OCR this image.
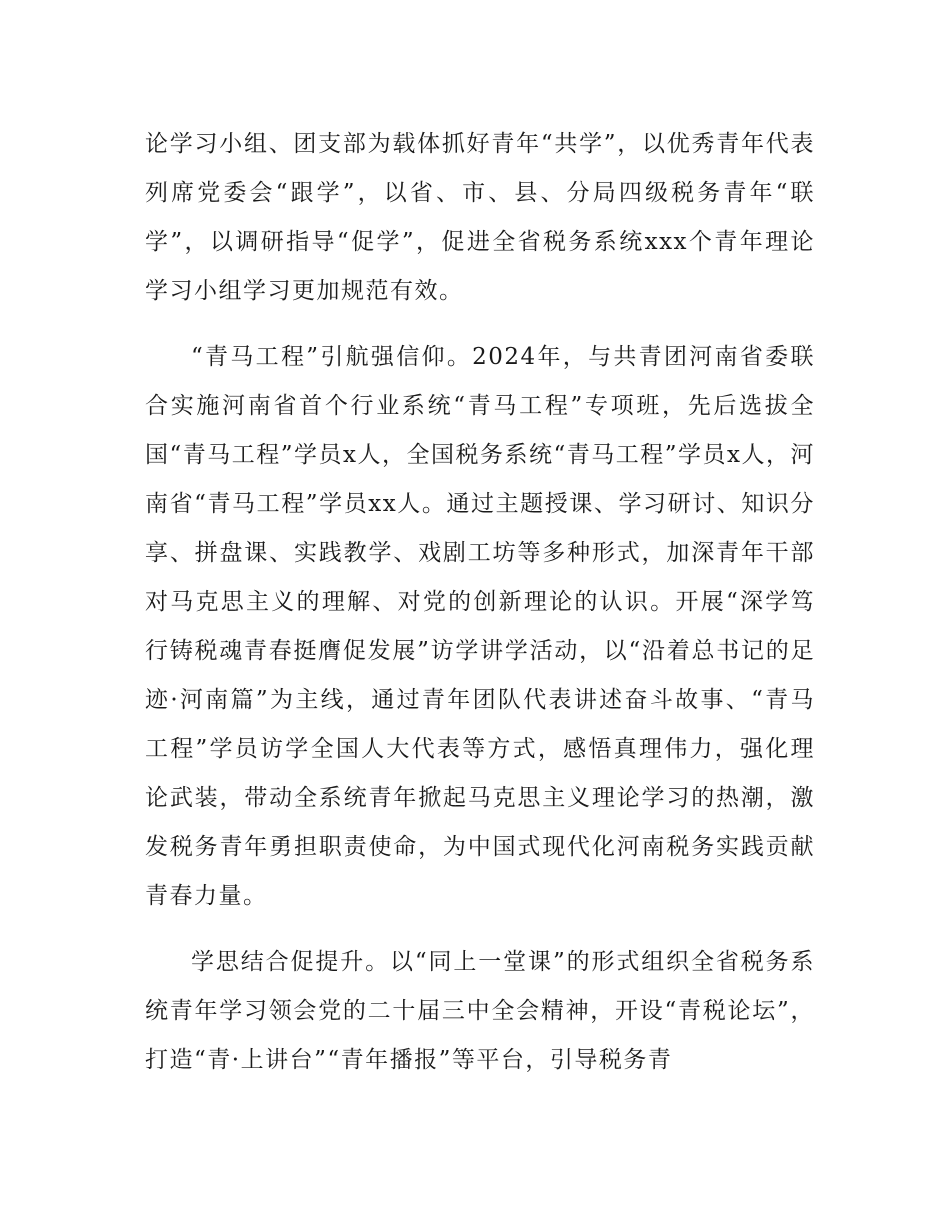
论学习小组、团支部为载体抓好青年“共学”，以优秀青年代表列席党委会“跟学”，以省、市、县、分局四级税务青年“联学”，以调研指导“促学”，促进全省税务系统xxx个青年理论学习小组学习更加规范有效。

“青马工程”引航强信仰。2024年，与共青团河南省委联合实施河南省首个行业系统“青马工程”专项班，先后选拔全国“青马工程”学员x人，全国税务系统“青马工程”学员x人，河南省“青马工程”学员xx人。通过主题授课、学习研讨、知识分享、拼盘课、实践教学、戏剧工坊等多种形式，加深青年干部对马克思主义的理解、对党的创新理论的认识。开展“深学笃行铸税魂青春挺膺促发展”访学讲学活动，以“沿着总书记的足迹·河南篇”为主线，通过青年团队代表讲述奋斗故事、“青马工程”学员访学全国人大代表等方式，感悟真理伟力，强化理论武装，带动全系统青年掀起马克思主义理论学习的热潮，激发税务青年勇担职责使命，为中国式现代化河南税务实践贡献青春力量。

学思结合促提升。以“同上一堂课”的形式组织全省税务系统青年学习领会党的二十届三中全会精神，开设“青税论坛”，打造“青·上讲台”“青年播报”等平台，引导税务青
